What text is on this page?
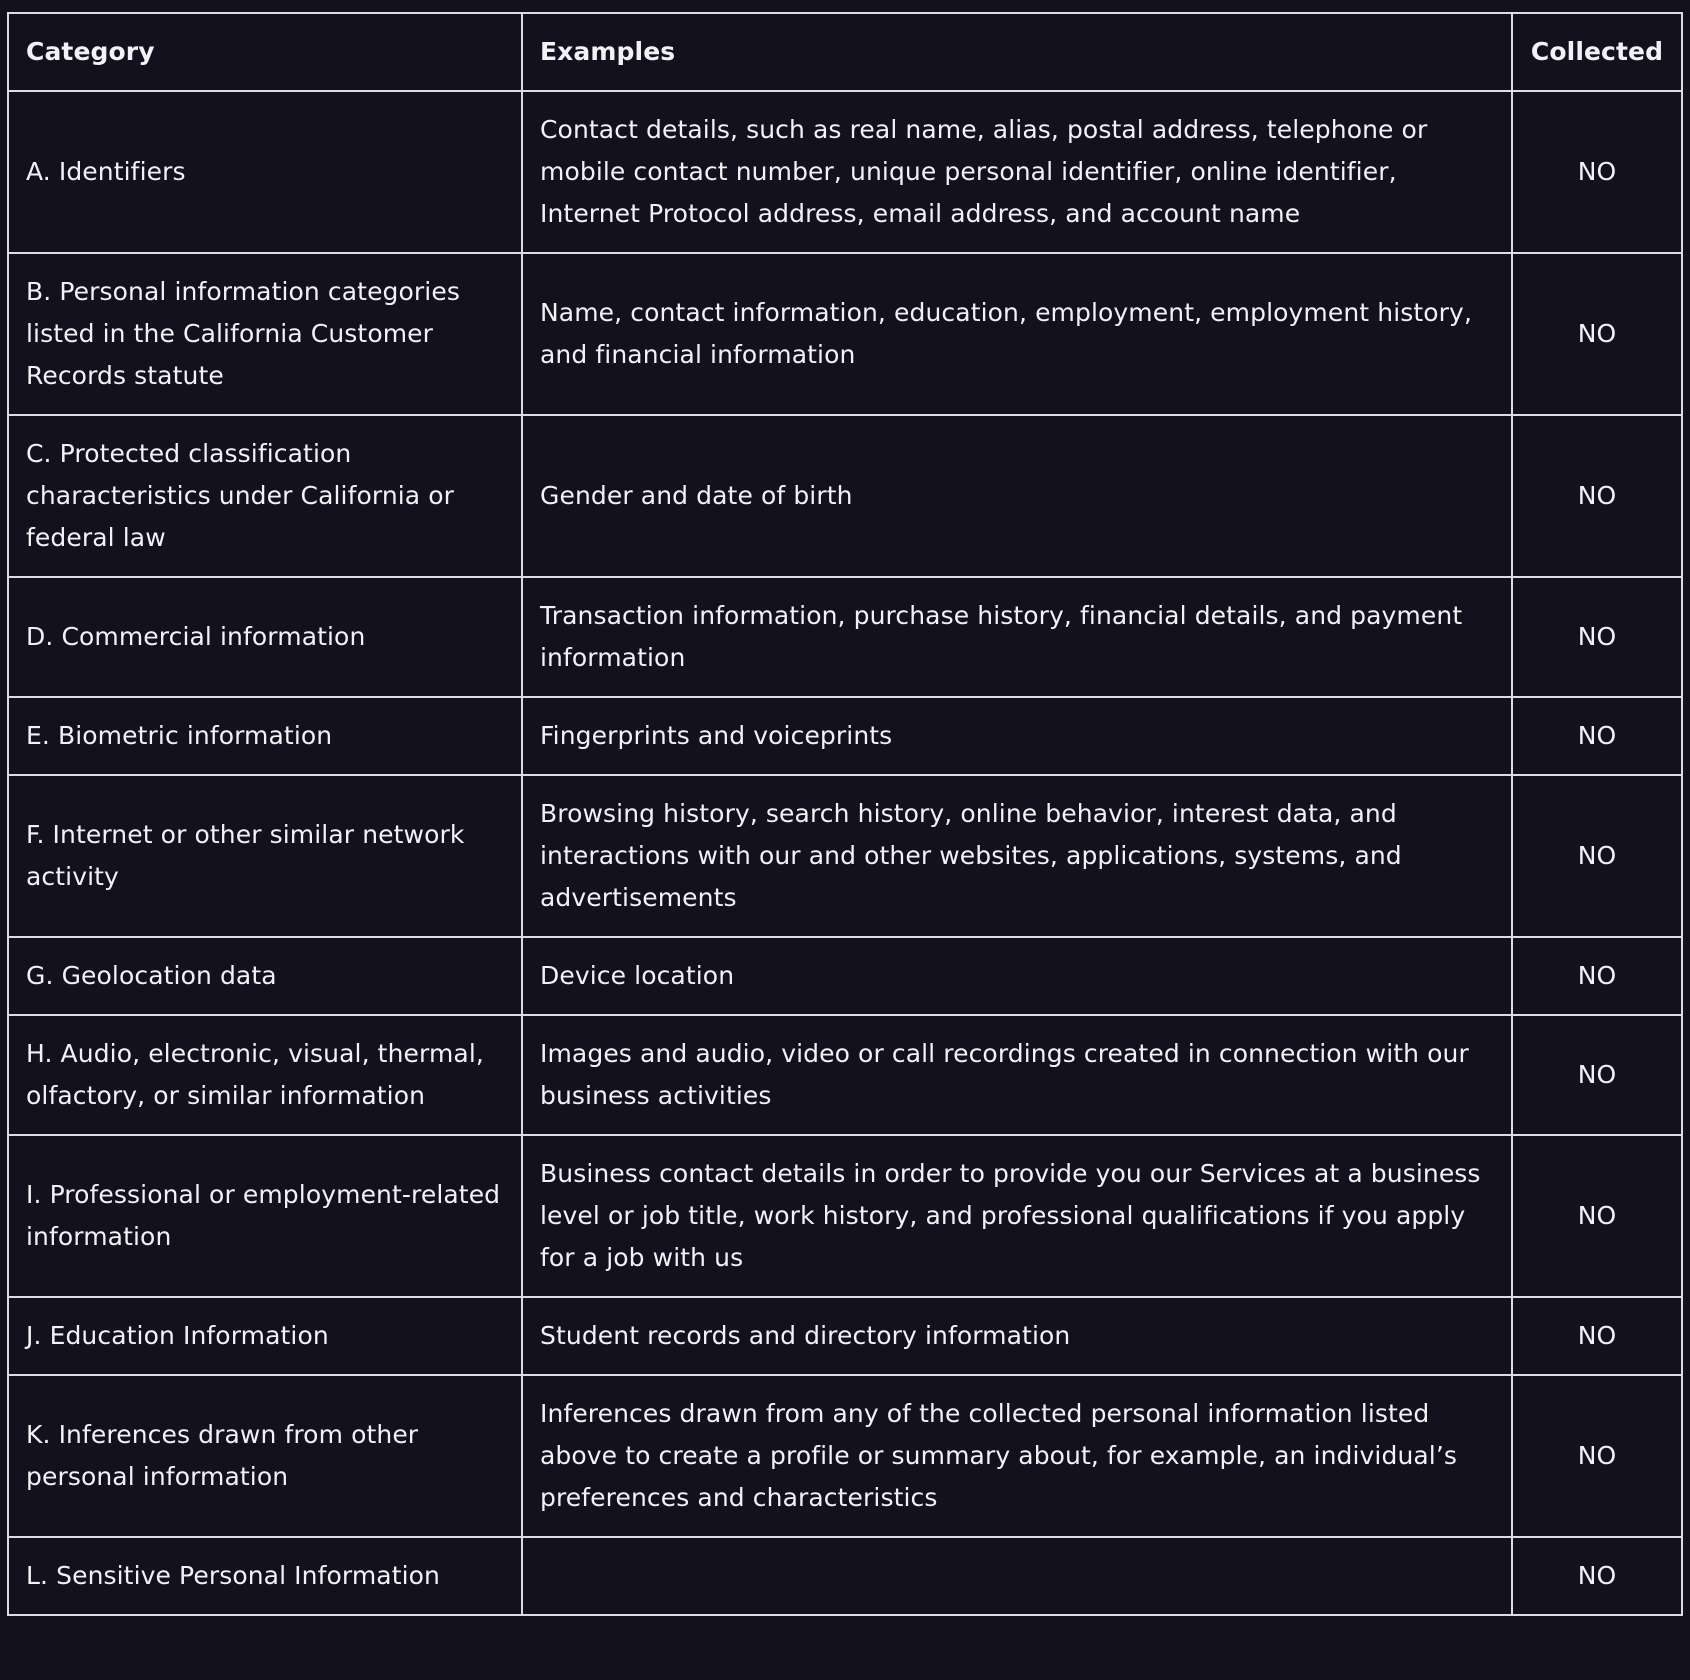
Category	Examples	Collected
A. Identifiers	Contact details, such as real name, alias, postal address, telephone or mobile contact number, unique personal identifier, online identifier, Internet Protocol address, email address, and account name	NO
B. Personal information categories listed in the California Customer Records statute	Name, contact information, education, employment, employment history, and financial information	NO
C. Protected classification characteristics under California or federal law	Gender and date of birth	NO
D. Commercial information	Transaction information, purchase history, financial details, and payment information	NO
E. Biometric information	Fingerprints and voiceprints	NO
F. Internet or other similar network activity	Browsing history, search history, online behavior, interest data, and interactions with our and other websites, applications, systems, and advertisements	NO
G. Geolocation data	Device location	NO
H. Audio, electronic, visual, thermal, olfactory, or similar information	Images and audio, video or call recordings created in connection with our business activities	NO
I. Professional or employment-related information	Business contact details in order to provide you our Services at a business level or job title, work history, and professional qualifications if you apply for a job with us	NO
J. Education Information	Student records and directory information	NO
K. Inferences drawn from other personal information	Inferences drawn from any of the collected personal information listed above to create a profile or summary about, for example, an individual’s preferences and characteristics	NO
L. Sensitive Personal Information		NO
